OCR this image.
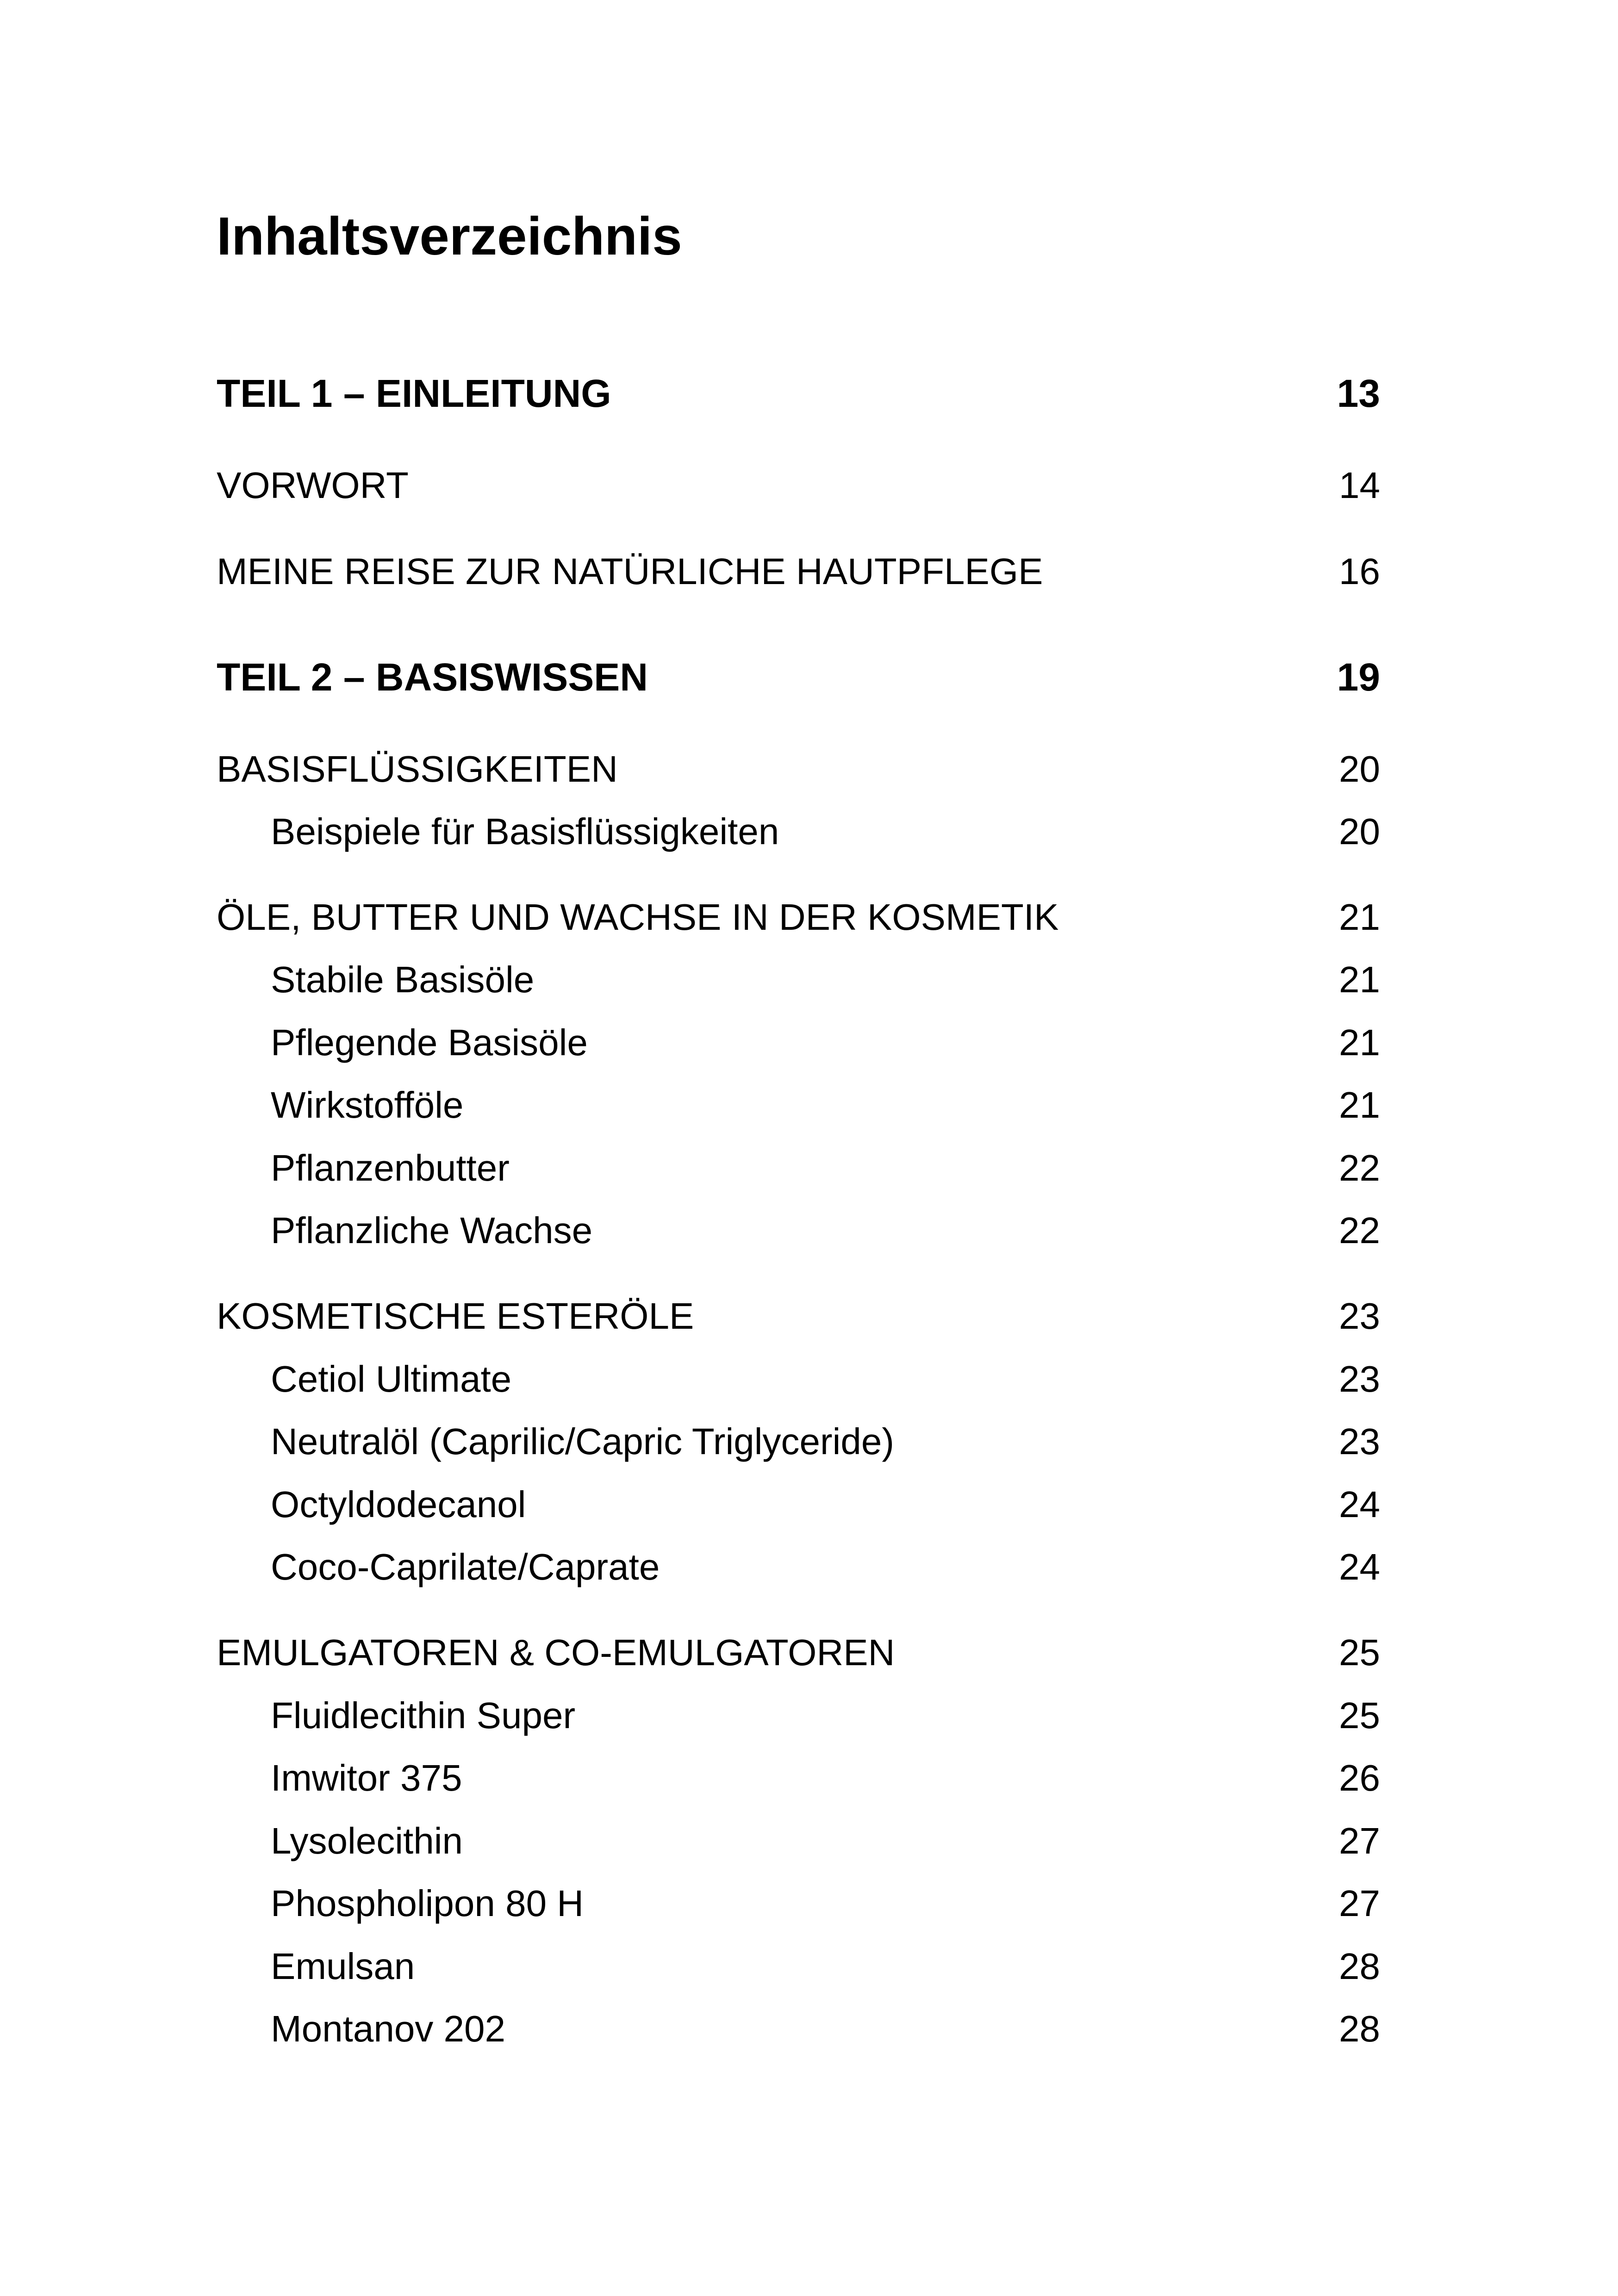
Inhaltsverzeichnis
TEIL 1 – EINLEITUNG	13
VORWORT	14
MEINE REISE ZUR NATÜRLICHE HAUTPFLEGE	16
TEIL 2 – BASISWISSEN	19
BASISFLÜSSIGKEITEN	20
Beispiele für Basisflüssigkeiten	20
ÖLE, BUTTER UND WACHSE IN DER KOSMETIK	21
Stabile Basisöle	21
Pflegende Basisöle	21
Wirkstofföle	21
Pflanzenbutter	22
Pflanzliche Wachse	22
KOSMETISCHE ESTERÖLE	23
Cetiol Ultimate	23
Neutralöl (Caprilic/Capric Triglyceride)	23
Octyldodecanol	24
Coco-Caprilate/Caprate	24
EMULGATOREN & CO-EMULGATOREN	25
Fluidlecithin Super	25
Imwitor 375	26
Lysolecithin	27
Phospholipon 80 H	27
Emulsan	28
Montanov 202	28
